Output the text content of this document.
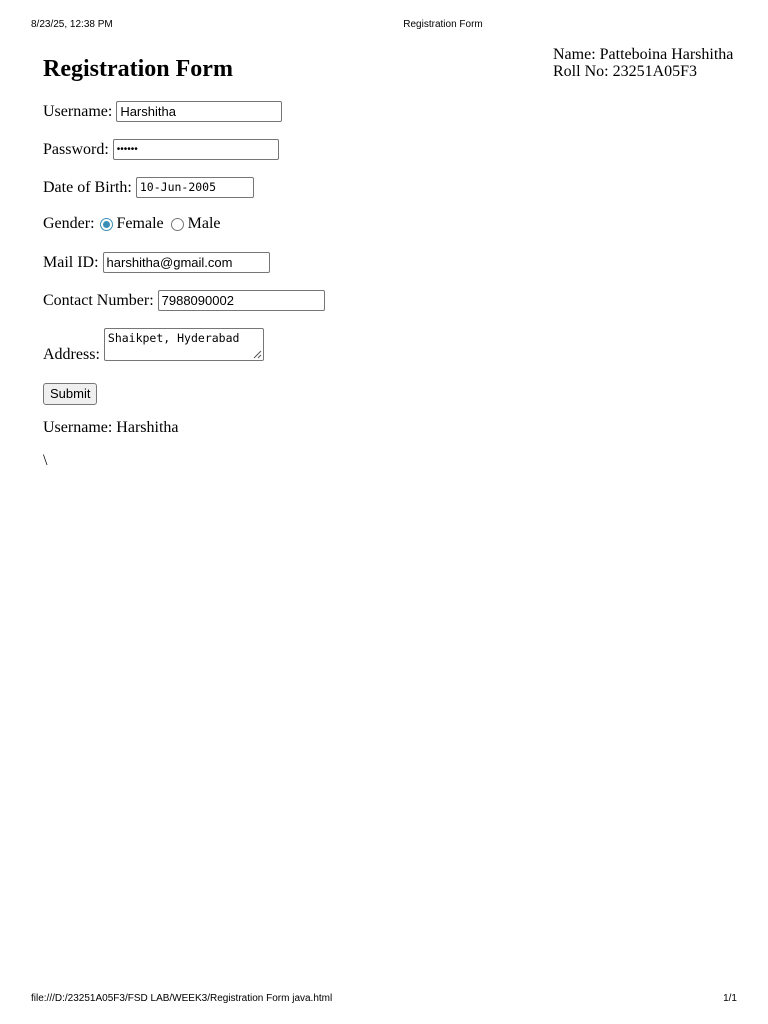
8/23/25, 12:38 PM	Registration Form
Name: Patteboina Harshitha
Roll No: 23251A05F3
Registration Form
Username: Harshitha
Password: ••••••
Date of Birth: 10-Jun-2005
Gender: Female Male
Mail ID: harshitha@gmail.com
Contact Number: 7988090002
Address:
Shaikpet, Hyderabad
Submit
Username: Harshitha
\
file:///D:/23251A05F3/FSD LAB/WEEK3/Registration Form java.html	1/1
